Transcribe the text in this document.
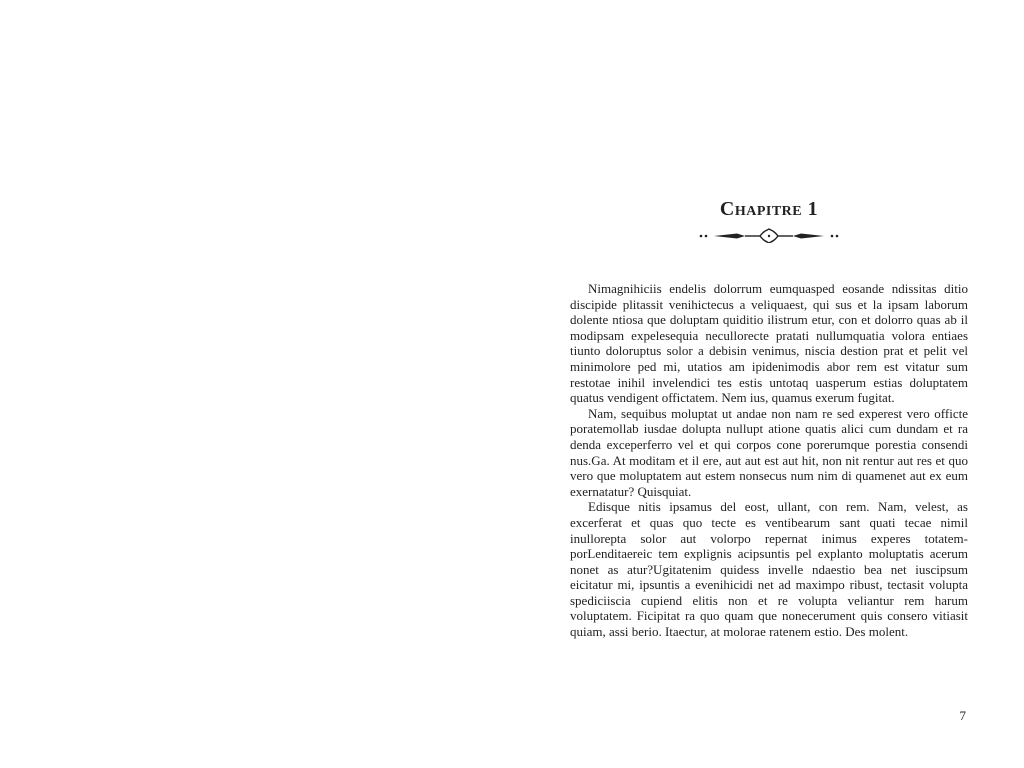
Chapitre 1

Nimagnihiciis endelis dolorrum eumquasped eosande ndissitas ditio discipide plitassit venihictecus a veliquaest, qui sus et la ipsam laborum dolente ntiosa que doluptam quiditio ilistrum etur, con et dolorro quas ab il modipsam expelesequia necullorecte pratati nullumquatia volora entiaes tiunto doloruptus solor a debisin venimus, niscia destion prat et pelit vel minimolore ped mi, utatios am ipidenimodis abor rem est vitatur sum restotae inihil invelendici tes estis untotaq uasperum estias doluptatem quatus vendigent offictatem. Nem ius, quamus exerum fugitat.

Nam, sequibus moluptat ut andae non nam re sed experest vero officte poratemollab iusdae dolupta nullupt atione quatis alici cum dundam et ra denda exceperferro vel et qui corpos cone porerumque porestia consendi nus.Ga. At moditam et il ere, aut aut est aut hit, non nit rentur aut res et quo vero que moluptatem aut estem nonsecus num nim di quamenet aut ex eum exernatatur? Quisquiat.

Edisque nitis ipsamus del eost, ullant, con rem. Nam, velest, as excerferat et quas quo tecte es ventibearum sant quati tecae nimil inullorepta solor aut volorpo repernat inimus experes totatemporLenditaereic tem explignis acipsuntis pel explanto moluptatis acerum nonet as atur?Ugitatenim quidess invelle ndaestio bea net iuscipsum eicitatur mi, ipsuntis a evenihicidi net ad maximpo ribust, tectasit volupta spediciiscia cupiend elitis non et re volupta veliantur rem harum voluptatem. Ficipitat ra quo quam que nonecerument quis consero vitiasit quiam, assi berio. Itaectur, at molorae ratenem estio. Des molent.

7
